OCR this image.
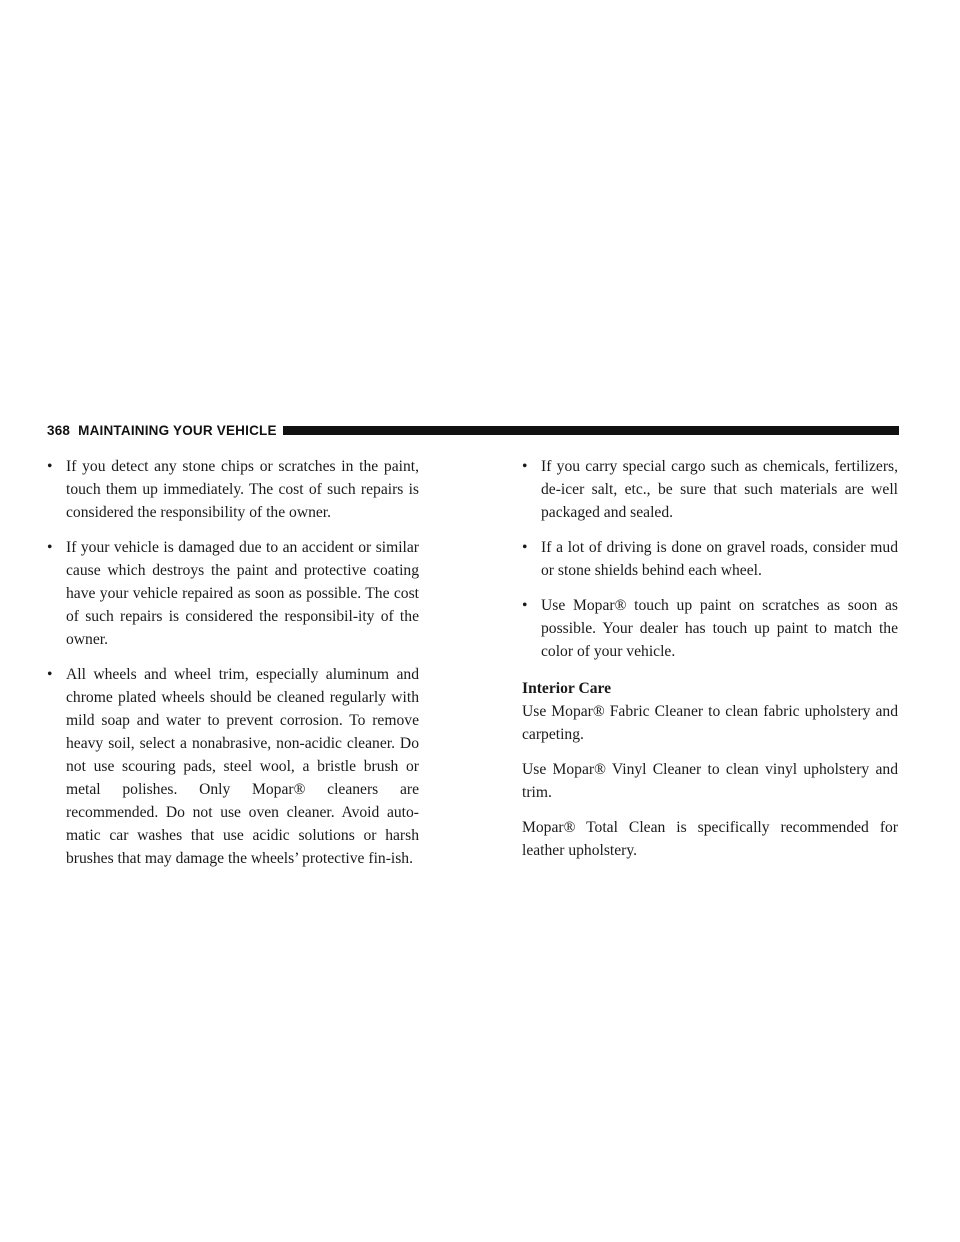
368 MAINTAINING YOUR VEHICLE
• If you detect any stone chips or scratches in the paint, touch them up immediately. The cost of such repairs is considered the responsibility of the owner.
• If your vehicle is damaged due to an accident or similar cause which destroys the paint and protective coating have your vehicle repaired as soon as possible. The cost of such repairs is considered the responsibil-ity of the owner.
• All wheels and wheel trim, especially aluminum and chrome plated wheels should be cleaned regularly with mild soap and water to prevent corrosion. To remove heavy soil, select a nonabrasive, non-acidic cleaner. Do not use scouring pads, steel wool, a bristle brush or metal polishes. Only Mopar® cleaners are recommended. Do not use oven cleaner. Avoid auto-matic car washes that use acidic solutions or harsh brushes that may damage the wheels’ protective fin-ish.
• If you carry special cargo such as chemicals, fertilizers, de-icer salt, etc., be sure that such materials are well packaged and sealed.
• If a lot of driving is done on gravel roads, consider mud or stone shields behind each wheel.
• Use Mopar® touch up paint on scratches as soon as possible. Your dealer has touch up paint to match the color of your vehicle.
Interior Care

Use Mopar® Fabric Cleaner to clean fabric upholstery and carpeting.

Use Mopar® Vinyl Cleaner to clean vinyl upholstery and trim.

Mopar® Total Clean is specifically recommended for leather upholstery.
